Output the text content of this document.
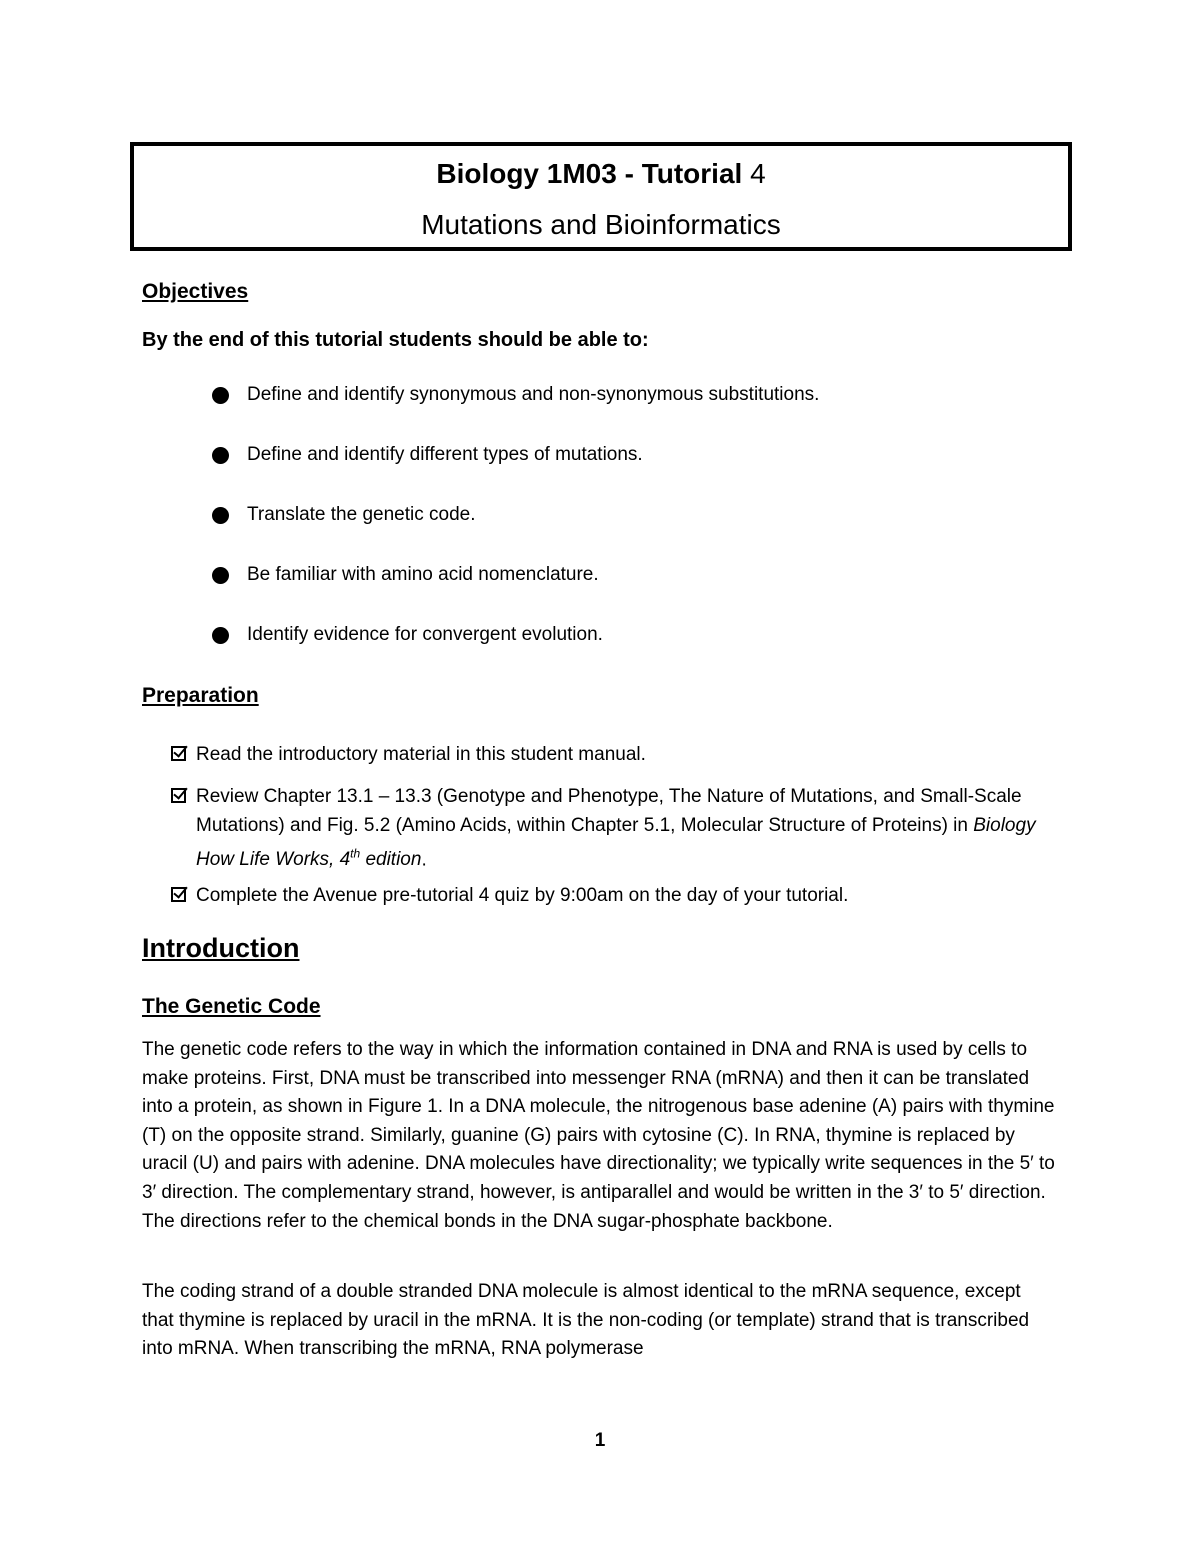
Biology 1M03 - Tutorial 4
Mutations and Bioinformatics
Objectives
By the end of this tutorial students should be able to:
Define and identify synonymous and non-synonymous substitutions.
Define and identify different types of mutations.
Translate the genetic code.
Be familiar with amino acid nomenclature.
Identify evidence for convergent evolution.
Preparation
Read the introductory material in this student manual.
Review Chapter 13.1 – 13.3 (Genotype and Phenotype, The Nature of Mutations, and Small-Scale Mutations) and Fig. 5.2 (Amino Acids, within Chapter 5.1, Molecular Structure of Proteins) in Biology How Life Works, 4th edition.
Complete the Avenue pre-tutorial 4 quiz by 9:00am on the day of your tutorial.
Introduction
The Genetic Code

The genetic code refers to the way in which the information contained in DNA and RNA is used by cells to make proteins. First, DNA must be transcribed into messenger RNA (mRNA) and then it can be translated into a protein, as shown in Figure 1. In a DNA molecule, the nitrogenous base adenine (A) pairs with thymine (T) on the opposite strand. Similarly, guanine (G) pairs with cytosine (C). In RNA, thymine is replaced by uracil (U) and pairs with adenine. DNA molecules have directionality; we typically write sequences in the 5′ to 3′ direction. The complementary strand, however, is antiparallel and would be written in the 3′ to 5′ direction. The directions refer to the chemical bonds in the DNA sugar-phosphate backbone.

The coding strand of a double stranded DNA molecule is almost identical to the mRNA sequence, except that thymine is replaced by uracil in the mRNA. It is the non-coding (or template) strand that is transcribed into mRNA. When transcribing the mRNA, RNA polymerase

1
